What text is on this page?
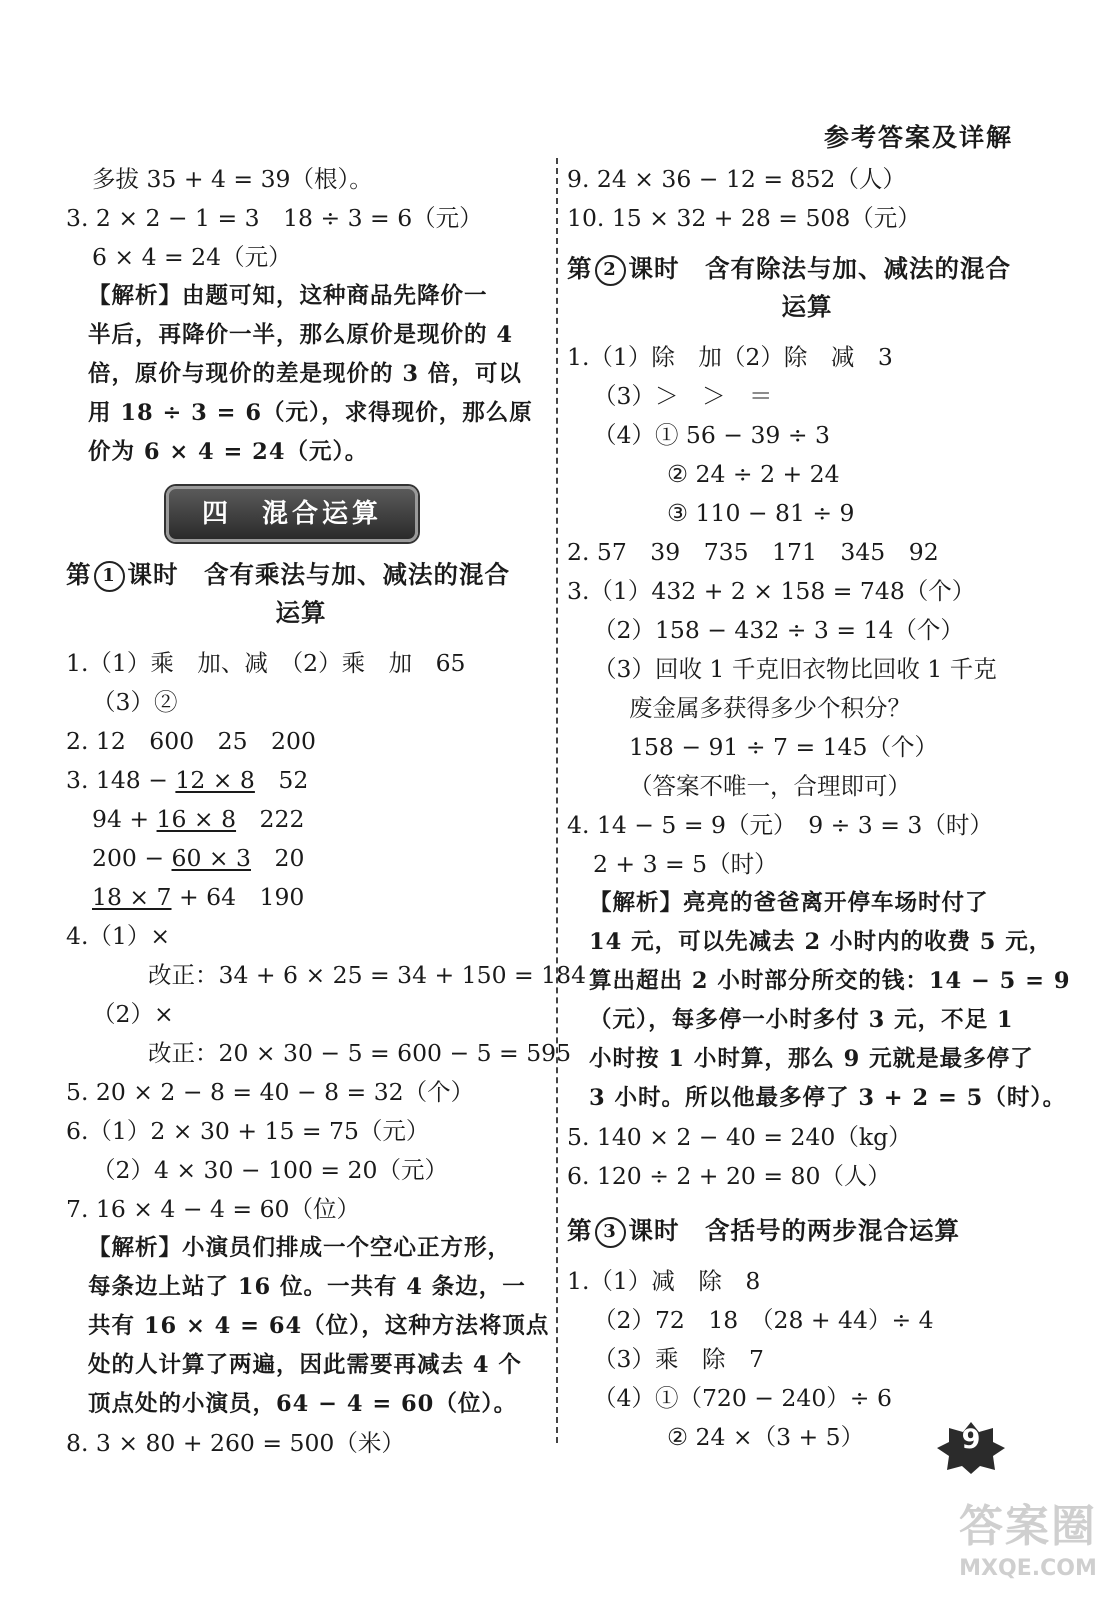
参考答案及详解
多拔 35 + 4 = 39（根）。
3. 2 × 2 − 1 = 3　18 ÷ 3 = 6（元）
6 × 4 = 24（元）
【解析】由题可知，这种商品先降价一
半后，再降价一半，那么原价是现价的 4
倍，原价与现价的差是现价的 3 倍，可以
用 18 ÷ 3 = 6（元），求得现价，那么原
价为 6 × 4 = 24（元）。
四　混合运算
第 1 课时　含有乘法与加、减法的混合
运算
1.（1）乘　加、减　（2）乘　加　65
（3）②
2. 12　600　25　200
3. 148 − 12 × 8　52
94 + 16 × 8　222
200 − 60 × 3　20
18 × 7 + 64　190
4.（1）×
改正：34 + 6 × 25 = 34 + 150 = 184
（2）×
改正：20 × 30 − 5 = 600 − 5 = 595
5. 20 × 2 − 8 = 40 − 8 = 32（个）
6.（1）2 × 30 + 15 = 75（元）
（2）4 × 30 − 100 = 20（元）
7. 16 × 4 − 4 = 60（位）
【解析】小演员们排成一个空心正方形，
每条边上站了 16 位。一共有 4 条边，一
共有 16 × 4 = 64（位），这种方法将顶点
处的人计算了两遍，因此需要再减去 4 个
顶点处的小演员，64 − 4 = 60（位）。
8. 3 × 80 + 260 = 500（米）
9. 24 × 36 − 12 = 852（人）
10. 15 × 32 + 28 = 508（元）
第 2 课时　含有除法与加、减法的混合
运算
1.（1）除　加（2）除　减　3
（3）＞　＞　＝
（4）① 56 − 39 ÷ 3
② 24 ÷ 2 + 24
③ 110 − 81 ÷ 9
2. 57　39　735　171　345　92
3.（1）432 + 2 × 158 = 748（个）
（2）158 − 432 ÷ 3 = 14（个）
（3）回收 1 千克旧衣物比回收 1 千克
废金属多获得多少个积分？
158 − 91 ÷ 7 = 145（个）
（答案不唯一，合理即可）
4. 14 − 5 = 9（元）　9 ÷ 3 = 3（时）
2 + 3 = 5（时）
【解析】亮亮的爸爸离开停车场时付了
14 元，可以先减去 2 小时内的收费 5 元，
算出超出 2 小时部分所交的钱：14 − 5 = 9
（元），每多停一小时多付 3 元，不足 1
小时按 1 小时算，那么 9 元就是最多停了
3 小时。所以他最多停了 3 + 2 = 5（时）。
5. 140 × 2 − 40 = 240（kg）
6. 120 ÷ 2 + 20 = 80（人）
第 3 课时　含括号的两步混合运算
1.（1）减　除　8
（2）72　18　（28 + 44）÷ 4
（3）乘　除　7
（4）①（720 − 240）÷ 6
② 24 ×（3 + 5）	9
答案圈
MXQE.COM
